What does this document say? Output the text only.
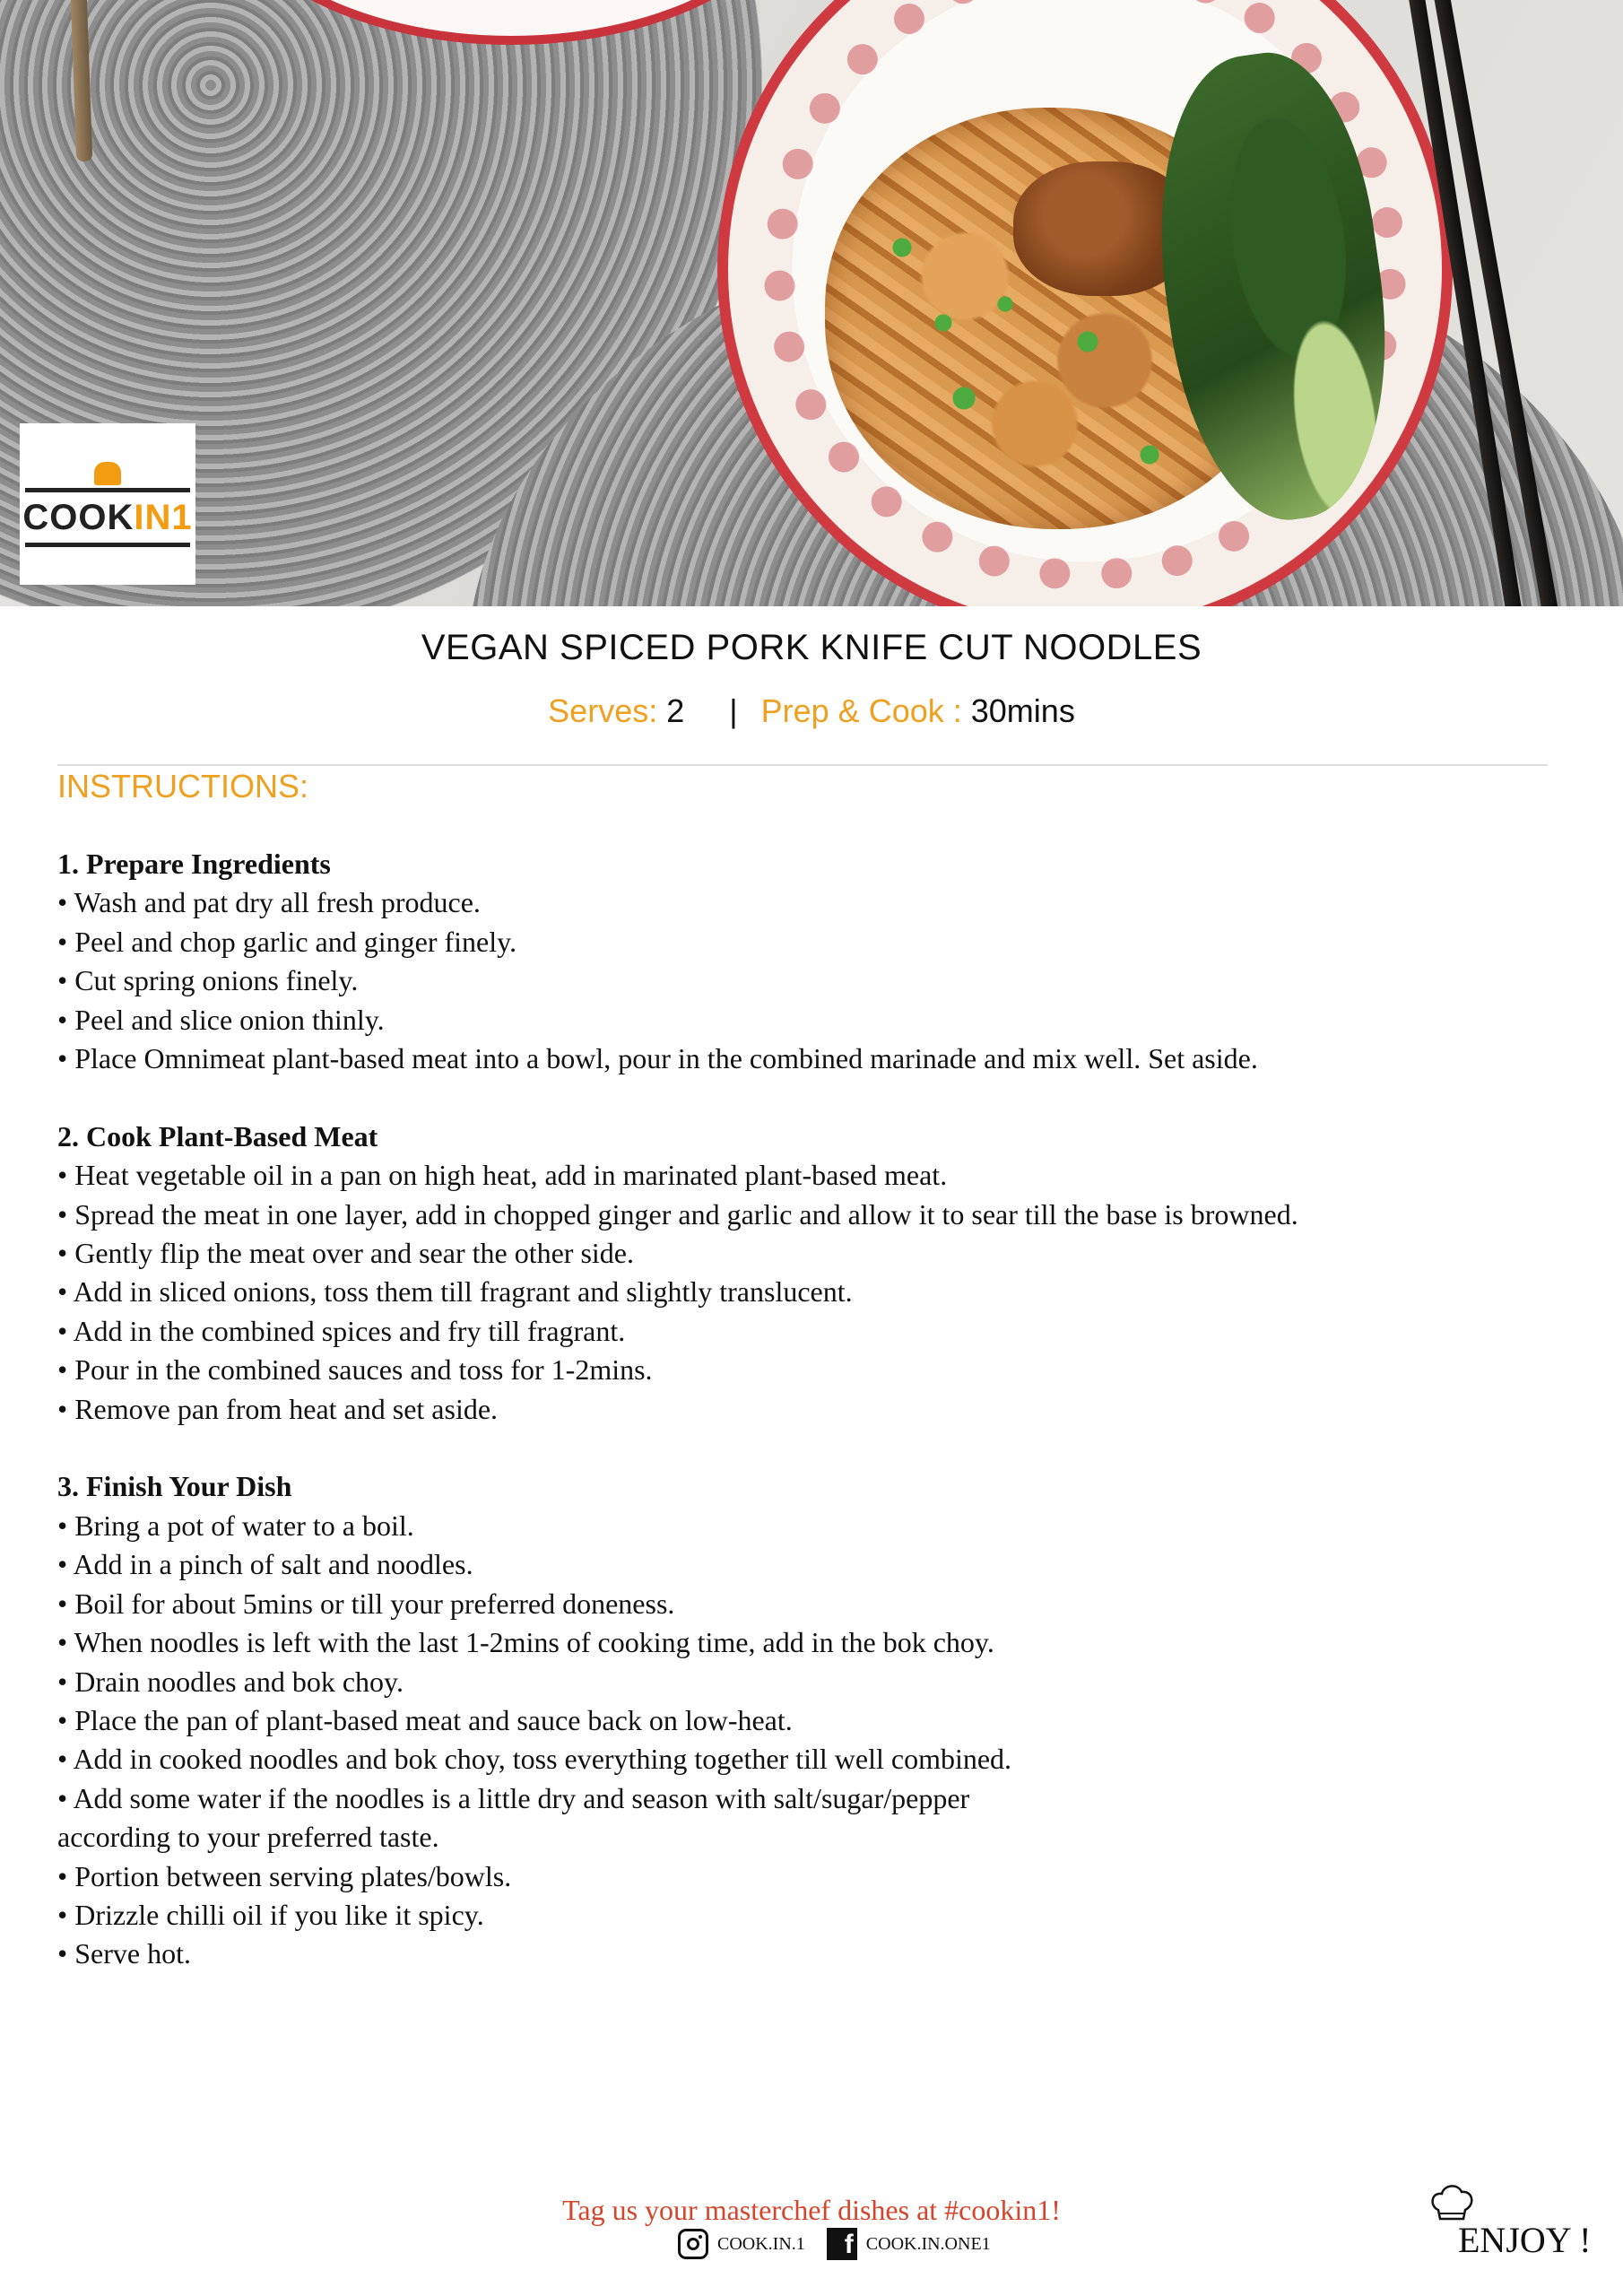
COOKIN1
VEGAN SPICED PORK KNIFE CUT NOODLES
Serves: 2 | Prep & Cook : 30mins
INSTRUCTIONS:
1. Prepare Ingredients
• Wash and pat dry all fresh produce.
• Peel and chop garlic and ginger finely.
• Cut spring onions finely.
• Peel and slice onion thinly.
• Place Omnimeat plant-based meat into a bowl, pour in the combined marinade and mix well. Set aside.
2. Cook Plant-Based Meat
• Heat vegetable oil in a pan on high heat, add in marinated plant-based meat.
• Spread the meat in one layer, add in chopped ginger and garlic and allow it to sear till the base is browned.
• Gently flip the meat over and sear the other side.
• Add in sliced onions, toss them till fragrant and slightly translucent.
• Add in the combined spices and fry till fragrant.
• Pour in the combined sauces and toss for 1-2mins.
• Remove pan from heat and set aside.
3. Finish Your Dish
• Bring a pot of water to a boil.
• Add in a pinch of salt and noodles.
• Boil for about 5mins or till your preferred doneness.
• When noodles is left with the last 1-2mins of cooking time, add in the bok choy.
• Drain noodles and bok choy.
• Place the pan of plant-based meat and sauce back on low-heat.
• Add in cooked noodles and bok choy, toss everything together till well combined.
• Add some water if the noodles is a little dry and season with salt/sugar/pepper
according to your preferred taste.
• Portion between serving plates/bowls.
• Drizzle chilli oil if you like it spicy.
• Serve hot.
Tag us your masterchef dishes at #cookin1!
COOK.IN.1	f COOK.IN.ONE1	ENJOY !
